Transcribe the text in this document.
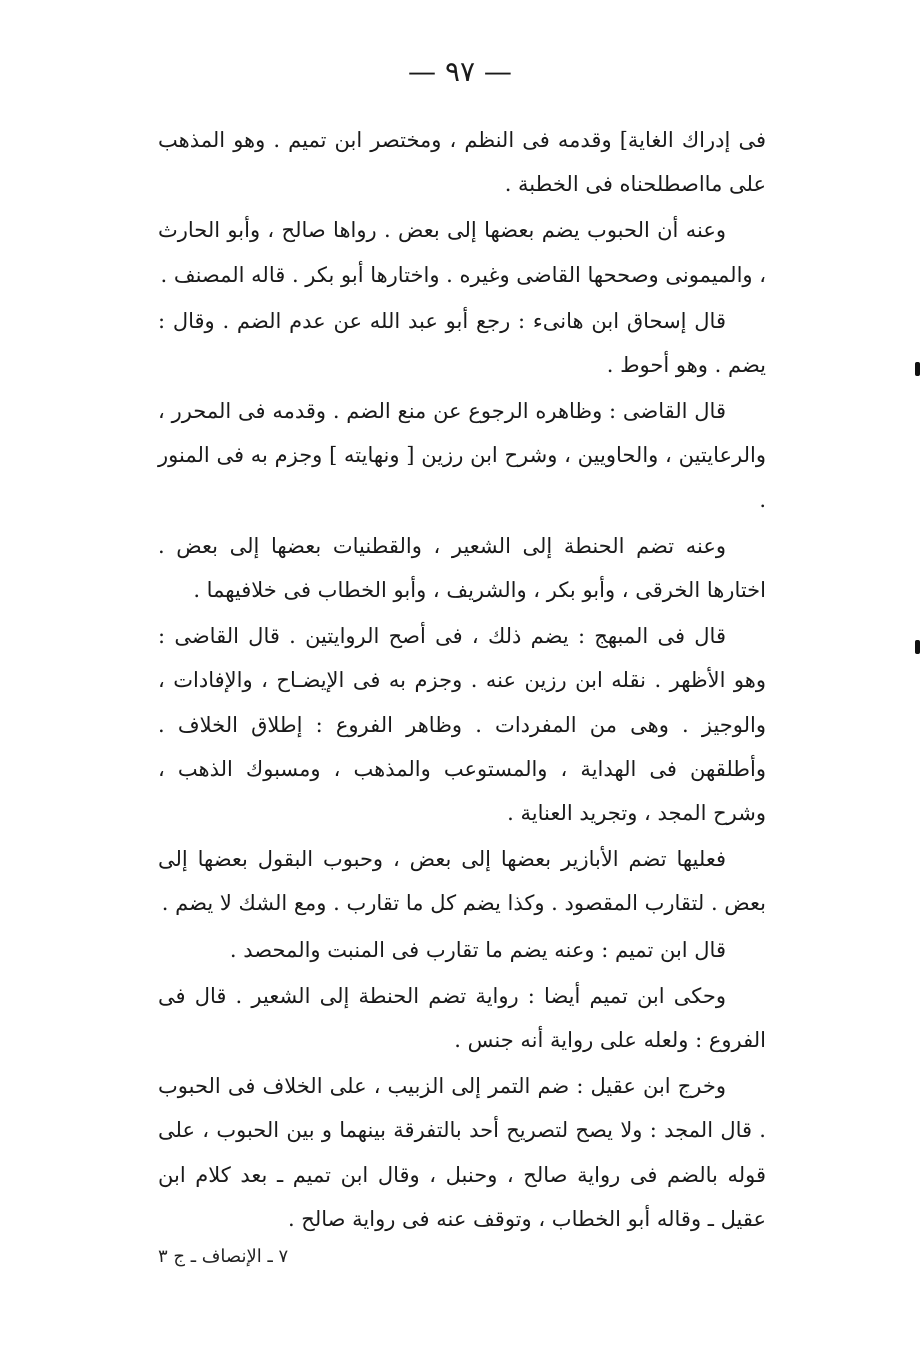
— ٩٧ —

فى إدراك الغاية] وقدمه فى النظم ، ومختصر ابن تميم . وهو المذهب على مااصطلحناه فى الخطبة .

وعنه أن الحبوب يضم بعضها إلى بعض . رواها صالح ، وأبو الحارث ، والميمونى وصححها القاضى وغيره . واختارها أبو بكر . قاله المصنف .

قال إسحاق ابن هانىء : رجع أبو عبد الله عن عدم الضم . وقال : يضم . وهو أحوط .

قال القاضى : وظاهره الرجوع عن منع الضم . وقدمه فى المحرر ، والرعايتين ، والحاويين ، وشرح ابن رزين [ ونهايته ] وجزم به فى المنور .

وعنه تضم الحنطة إلى الشعير ، والقطنيات بعضها إلى بعض . اختارها الخرقى ، وأبو بكر ، والشريف ، وأبو الخطاب فى خلافيهما .

قال فى المبهج : يضم ذلك ، فى أصح الروايتين . قال القاضى : وهو الأظهر . نقله ابن رزين عنه . وجزم به فى الإيضـاح ، والإفادات ، والوجيز . وهى من المفردات . وظاهر الفروع : إطلاق الخلاف . وأطلقهن فى الهداية ، والمستوعب والمذهب ، ومسبوك الذهب ، وشرح المجد ، وتجريد العناية .

فعليها تضم الأبازير بعضها إلى بعض ، وحبوب البقول بعضها إلى بعض . لتقارب المقصود . وكذا يضم كل ما تقارب . ومع الشك لا يضم .

قال ابن تميم : وعنه يضم ما تقارب فى المنبت والمحصد .

وحكى ابن تميم أيضا : رواية تضم الحنطة إلى الشعير . قال فى الفروع : ولعله على رواية أنه جنس .

وخرج ابن عقيل : ضم التمر إلى الزبيب ، على الخلاف فى الحبوب . قال المجد : ولا يصح لتصريح أحد بالتفرقة بينهما و بين الحبوب ، على قوله بالضم فى رواية صالح ، وحنبل ، وقال ابن تميم ـ بعد كلام ابن عقيل ـ وقاله أبو الخطاب ، وتوقف عنه فى رواية صالح .

٧ ـ الإنصاف ـ ج ٣
